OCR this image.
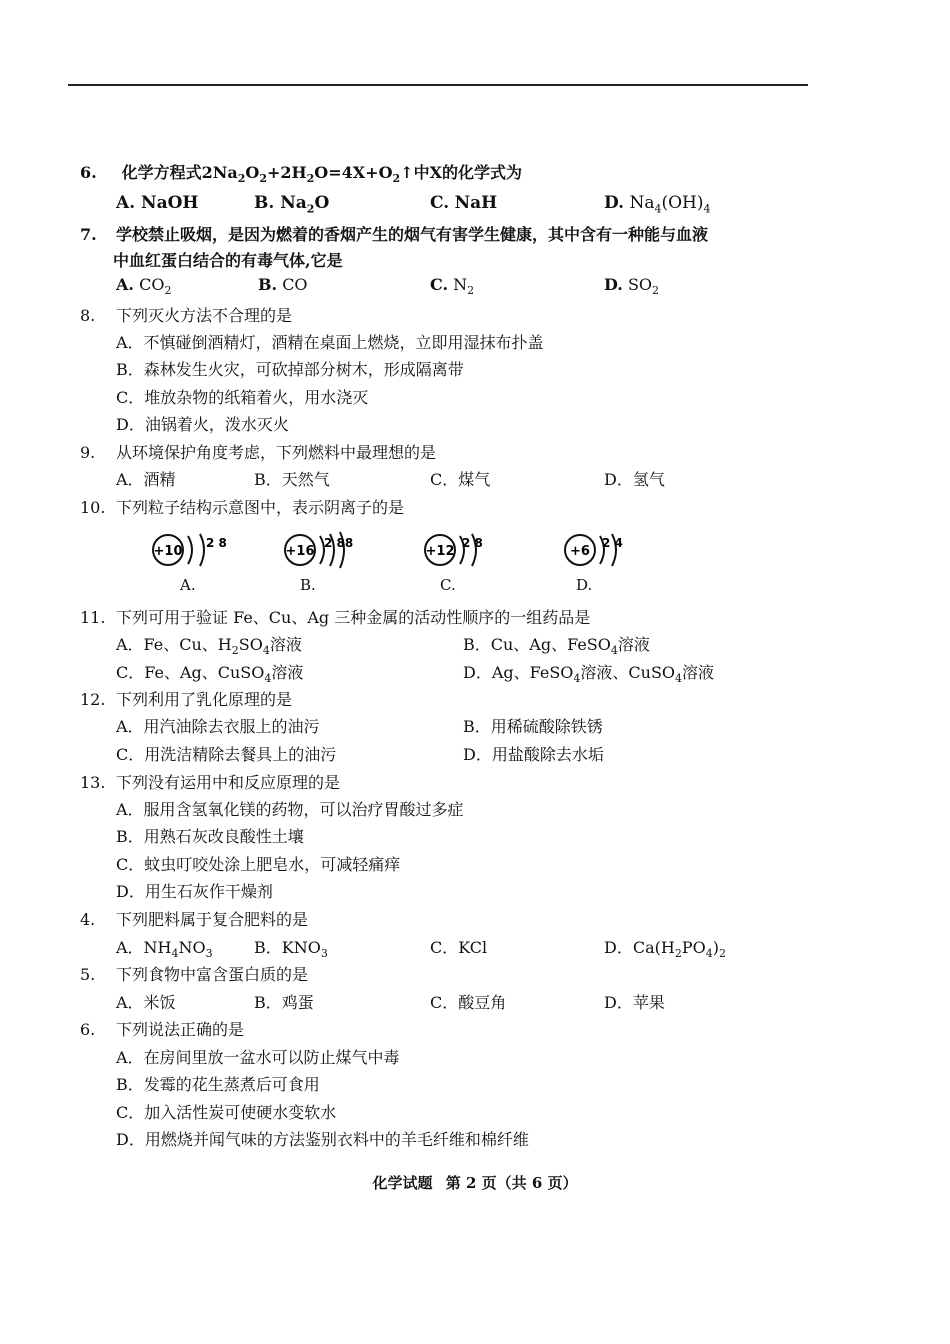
6. 化学方程式$2Na_2O_2+2H_2O=4X+O_2↑$中X的化学式为
A. NaOH	B. $Na_2O$	C. NaH	D. $Na_4(OH)_4$
7. 学校禁止吸烟，是因为燃着的香烟产生的烟气有害学生健康，其中含有一种能与血液
中血红蛋白结合的有毒气体,它是
A. $CO_2$	B. CO	C. $N_2$	D. $SO_2$
8. 下列灭火方法不合理的是
A．不慎碰倒酒精灯，酒精在桌面上燃烧，立即用湿抹布扑盖
B．森林发生火灾，可砍掉部分树木，形成隔离带
C．堆放杂物的纸箱着火，用水浇灭
D．油锅着火，泼水灭火
9. 从环境保护角度考虑，下列燃料中最理想的是
A．酒精	B．天然气	C．煤气	D．氢气
10. 下列粒子结构示意图中，表示阴离子的是
+10
2 8
A.
+16
2 88
B.
+12
2 8
C.
+6
2 4
D.
11. 下列可用于验证 Fe、Cu、Ag 三种金属的活动性顺序的一组药品是
A．Fe、Cu、$H_2SO_4$溶液	B．Cu、Ag、FeSO$_4$溶液
C．Fe、Ag、CuSO$_4$溶液	D．Ag、FeSO$_4$溶液、CuSO$_4$溶液
12. 下列利用了乳化原理的是
A．用汽油除去衣服上的油污	B．用稀硫酸除铁锈
C．用洗洁精除去餐具上的油污	D．用盐酸除去水垢
13. 下列没有运用中和反应原理的是
A．服用含氢氧化镁的药物，可以治疗胃酸过多症
B．用熟石灰改良酸性土壤
C．蚊虫叮咬处涂上肥皂水，可减轻痛痒
D．用生石灰作干燥剂
4. 下列肥料属于复合肥料的是
A．$NH_4NO_3$	B．$KNO_3$	C．KCl	D．$Ca(H_2PO_4)_2$
5. 下列食物中富含蛋白质的是
A．米饭	B．鸡蛋	C．酸豆角	D．苹果
6. 下列说法正确的是
A．在房间里放一盆水可以防止煤气中毒
B．发霉的花生蒸煮后可食用
C．加入活性炭可使硬水变软水
D．用燃烧并闻气味的方法鉴别衣料中的羊毛纤维和棉纤维
化学试题 第 2 页（共 6 页）
